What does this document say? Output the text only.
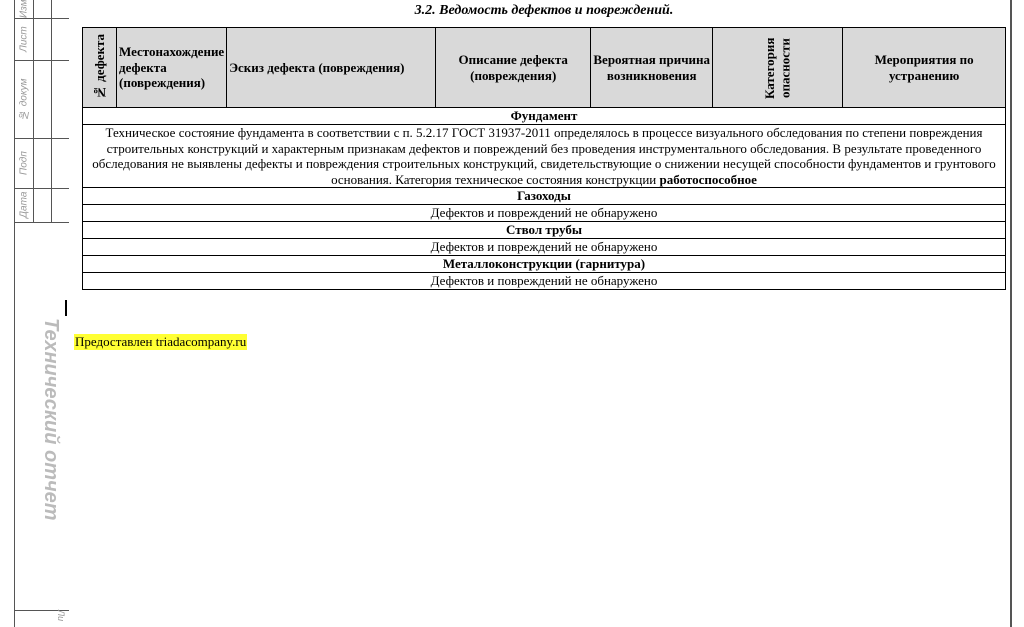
Изм
Лист
№ докум
Подп
Дата
Технический отчет
Ли
3.2. Ведомость дефектов и повреждений.
№ дефекта	Местонахождение дефекта (повреждения)	Эскиз дефекта (повреждения)	Описание дефекта (повреждения)	Вероятная причина возникновения	Категория опасности	Мероприятия по устранению
Фундамент
Техническое состояние фундамента в соответствии с п. 5.2.17 ГОСТ 31937-2011 определялось в процессе визуального обследования по степени повреждения строительных конструкций и характерным признакам дефектов и повреждений без проведения инструментального обследования. В результате проведенного обследования не выявлены дефекты и повреждения строительных конструкций, свидетельствующие о снижении несущей способности фундаментов и грунтового основания. Категория техническое состояния конструкции работоспособное
Газоходы
Дефектов и повреждений не обнаружено
Ствол трубы
Дефектов и повреждений не обнаружено
Металлоконструкции (гарнитура)
Дефектов и повреждений не обнаружено
Предоставлен triadacompany.ru
